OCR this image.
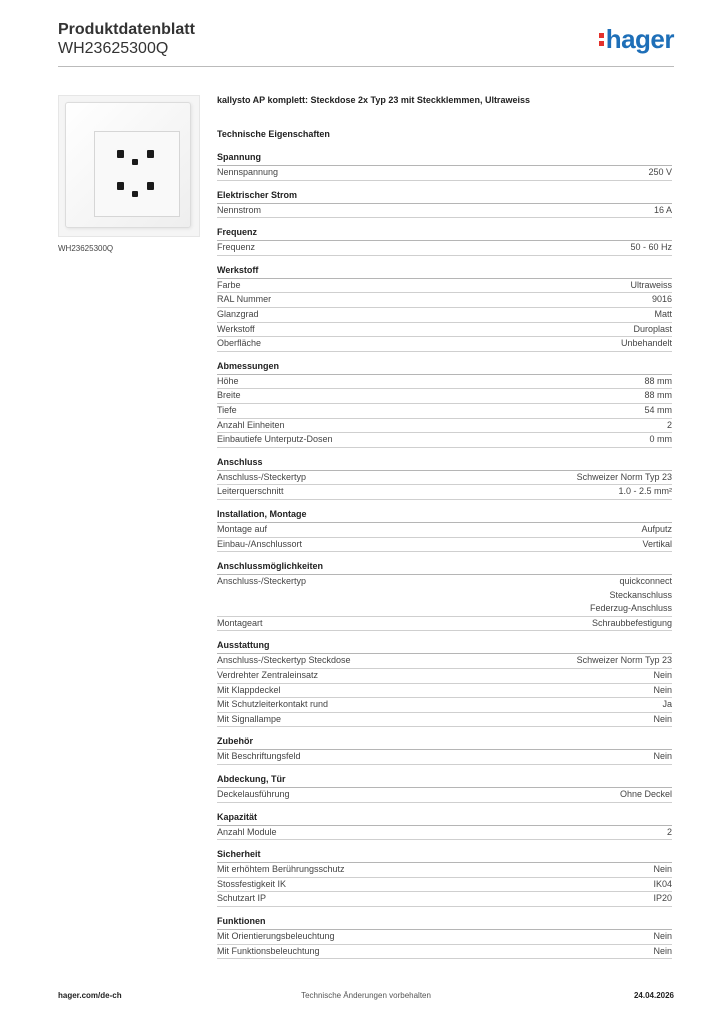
Produktdatenblatt
WH23625300Q	hager
WH23625300Q
kallysto AP komplett: Steckdose 2x Typ 23 mit Steckklemmen, Ultraweiss
Technische Eigenschaften
Spannung
Nennspannung	250 V
Elektrischer Strom
Nennstrom	16 A
Frequenz
Frequenz	50 - 60 Hz
Werkstoff
Farbe	Ultraweiss
RAL Nummer	9016
Glanzgrad	Matt
Werkstoff	Duroplast
Oberfläche	Unbehandelt
Abmessungen
Höhe	88 mm
Breite	88 mm
Tiefe	54 mm
Anzahl Einheiten	2
Einbautiefe Unterputz-Dosen	0 mm
Anschluss
Anschluss-/Steckertyp	Schweizer Norm Typ 23
Leiterquerschnitt	1.0 - 2.5 mm²
Installation, Montage
Montage auf	Aufputz
Einbau-/Anschlussort	Vertikal
Anschlussmöglichkeiten
Anschluss-/Steckertyp	quickconnect
Steckanschluss
Federzug-Anschluss
Montageart	Schraubbefestigung
Ausstattung
Anschluss-/Steckertyp Steckdose	Schweizer Norm Typ 23
Verdrehter Zentraleinsatz	Nein
Mit Klappdeckel	Nein
Mit Schutzleiterkontakt rund	Ja
Mit Signallampe	Nein
Zubehör
Mit Beschriftungsfeld	Nein
Abdeckung, Tür
Deckelausführung	Ohne Deckel
Kapazität
Anzahl Module	2
Sicherheit
Mit erhöhtem Berührungsschutz	Nein
Stossfestigkeit IK	IK04
Schutzart IP	IP20
Funktionen
Mit Orientierungsbeleuchtung	Nein
Mit Funktionsbeleuchtung	Nein
hager.com/de-ch	Technische Änderungen vorbehalten	24.04.2026
